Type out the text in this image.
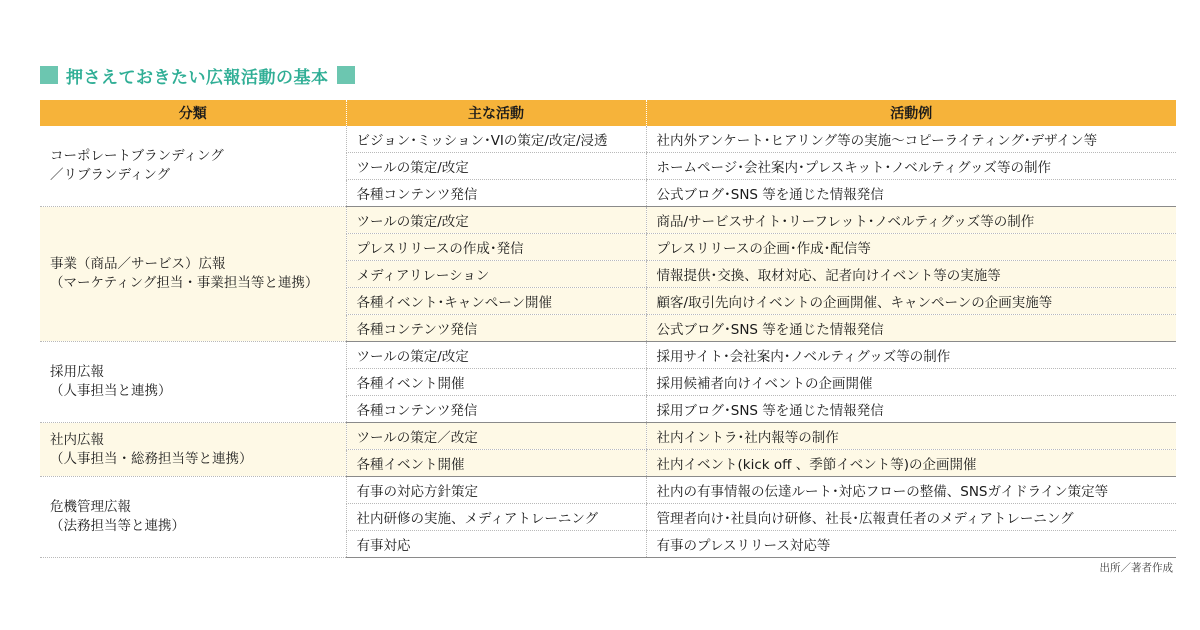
押さえておきたい広報活動の基本
分類	主な活動	活動例

コーポレートブランディング
／リブランディング	ビジョン･ミッション･VIの策定/改定/浸透	社内外アンケート･ヒアリング等の実施～コピーライティング･デザイン等
	ツールの策定/改定	ホームページ･会社案内･プレスキット･ノベルティグッズ等の制作
	各種コンテンツ発信	公式ブログ･SNS 等を通じた情報発信

事業（商品／サービス）広報
（マーケティング担当・事業担当等と連携）	ツールの策定/改定	商品/サービスサイト･リーフレット･ノベルティグッズ等の制作
	プレスリリースの作成･発信	プレスリリースの企画･作成･配信等
	メディアリレーション	情報提供･交換、取材対応、記者向けイベント等の実施等
	各種イベント･キャンペーン開催	顧客/取引先向けイベントの企画開催、キャンペーンの企画実施等
	各種コンテンツ発信	公式ブログ･SNS 等を通じた情報発信

採用広報
（人事担当と連携）	ツールの策定/改定	採用サイト･会社案内･ノベルティグッズ等の制作
	各種イベント開催	採用候補者向けイベントの企画開催
	各種コンテンツ発信	採用ブログ･SNS 等を通じた情報発信

社内広報
（人事担当・総務担当等と連携）	ツールの策定／改定	社内イントラ･社内報等の制作
	各種イベント開催	社内イベント(kick off 、季節イベント等)の企画開催

危機管理広報
（法務担当等と連携）	有事の対応方針策定	社内の有事情報の伝達ルート･対応フローの整備、SNSガイドライン策定等
	社内研修の実施、メディアトレーニング	管理者向け･社員向け研修、社長･広報責任者のメディアトレーニング
	有事対応	有事のプレスリリース対応等
出所／著者作成
